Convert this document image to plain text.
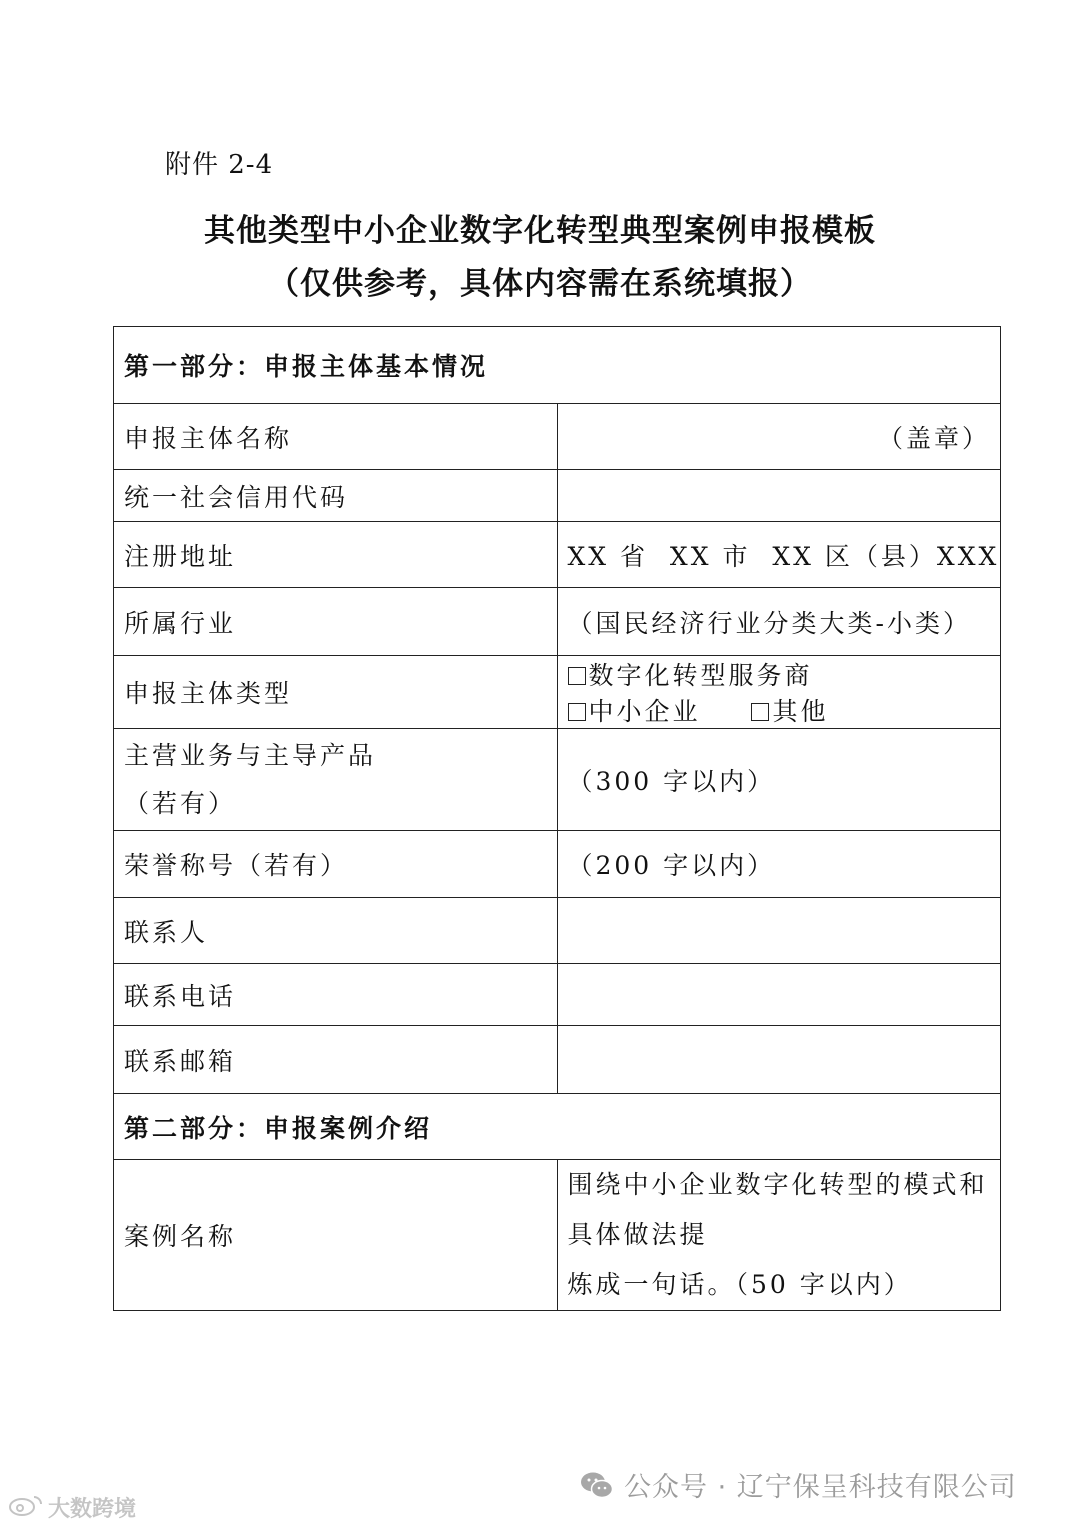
附件 2-4
其他类型中小企业数字化转型典型案例申报模板
（仅供参考，具体内容需在系统填报）
第一部分：申报主体基本情况	
申报主体名称	（盖章）
统一社会信用代码	
注册地址	XX 省  XX 市  XX 区（县）XXX
所属行业	（国民经济行业分类大类-小类）
申报主体类型	数字化转型服务商 中小企业 其他

主营业务与主导产品
（若有）	（300 字以内）
荣誉称号（若有）	（200 字以内）
联系人	
联系电话	
联系邮箱	
第二部分：申报案例介绍	
案例名称	围绕中小企业数字化转型的模式和具体做法提
炼成一句话。（50 字以内）
公众号 · 辽宁保呈科技有限公司
大数跨境
